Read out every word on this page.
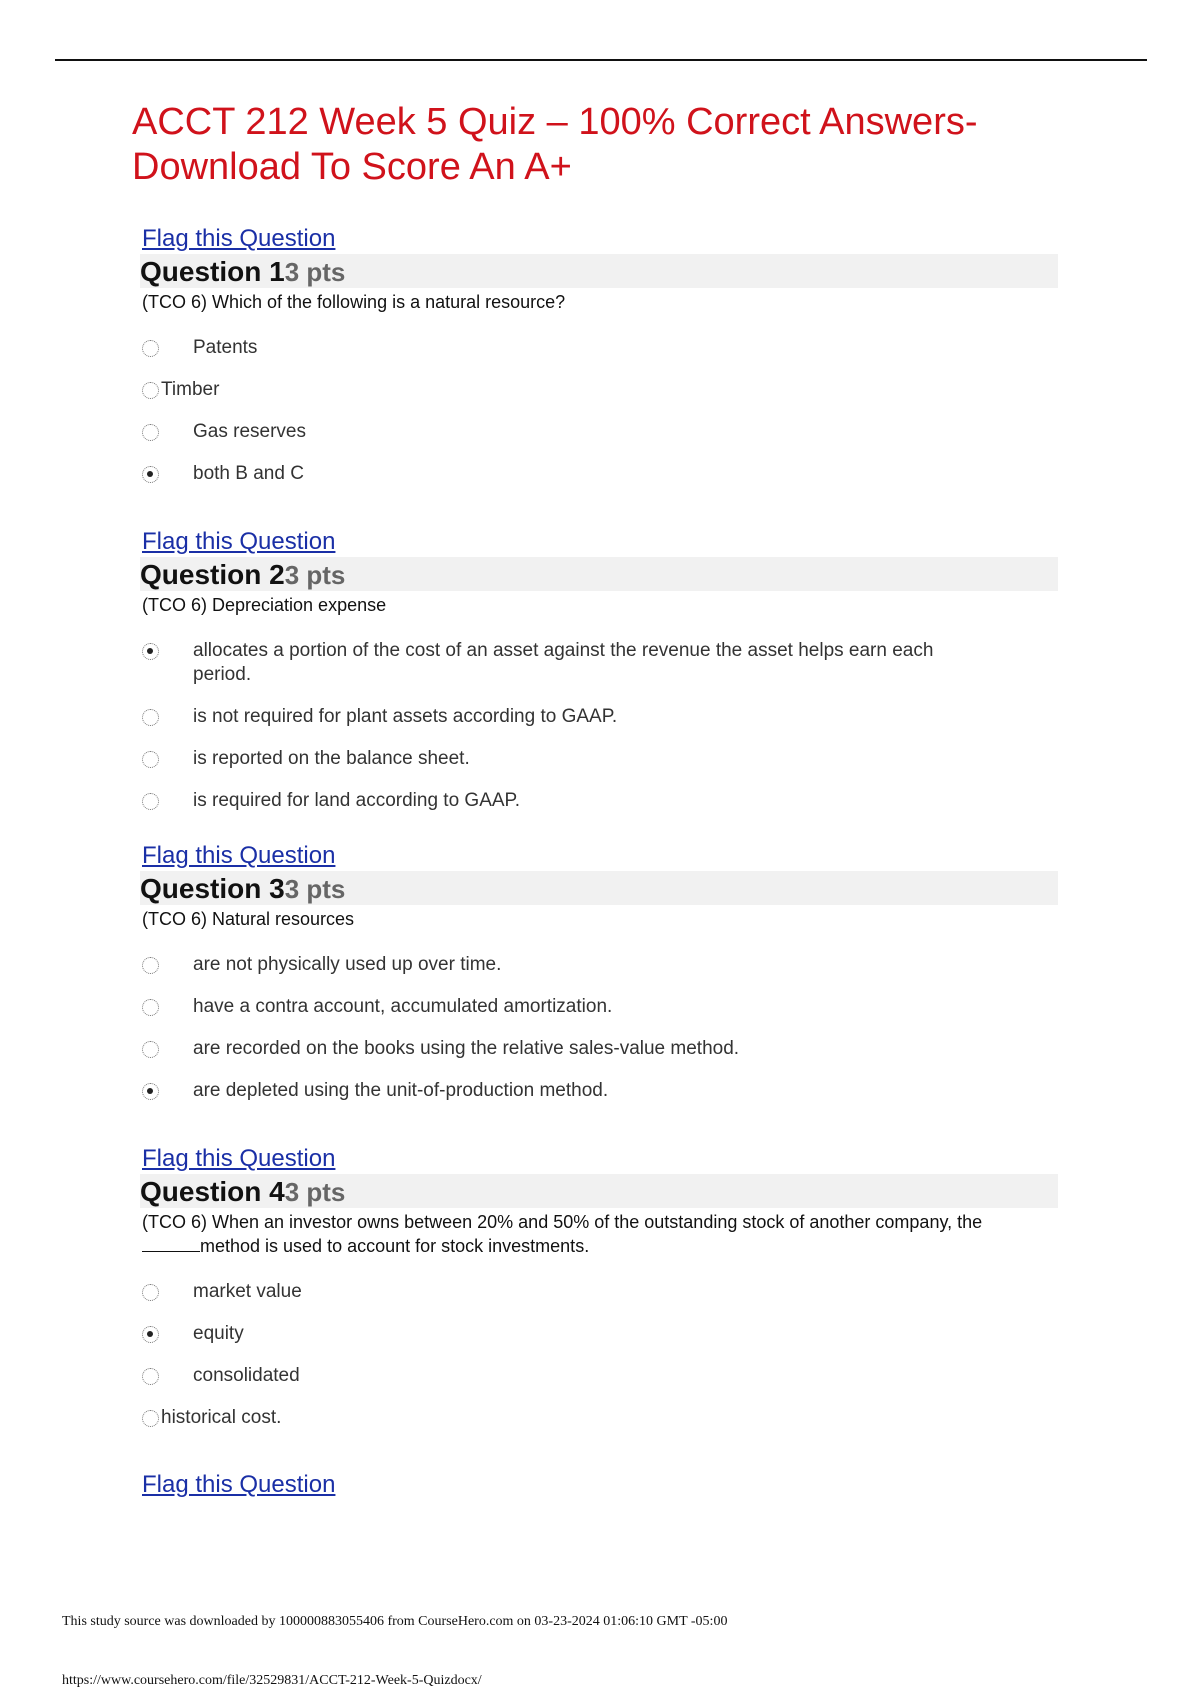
ACCT 212 Week 5 Quiz – 100% Correct Answers- Download To Score An A+
Flag this Question
Question 1 3 pts
(TCO 6) Which of the following is a natural resource?
Patents
Timber
Gas reserves
both B and C
Flag this Question
Question 2 3 pts
(TCO 6) Depreciation expense
allocates a portion of the cost of an asset against the revenue the asset helps earn each period.
is not required for plant assets according to GAAP.
is reported on the balance sheet.
is required for land according to GAAP.
Flag this Question
Question 3 3 pts
(TCO 6) Natural resources
are not physically used up over time.
have a contra account, accumulated amortization.
are recorded on the books using the relative sales-value method.
are depleted using the unit-of-production method.
Flag this Question
Question 4 3 pts
(TCO 6) When an investor owns between 20% and 50% of the outstanding stock of another company, the
method is used to account for stock investments.
market value
equity
consolidated
historical cost.
Flag this Question
This study source was downloaded by 100000883055406 from CourseHero.com on 03-23-2024 01:06:10 GMT -05:00
https://www.coursehero.com/file/32529831/ACCT-212-Week-5-Quizdocx/
